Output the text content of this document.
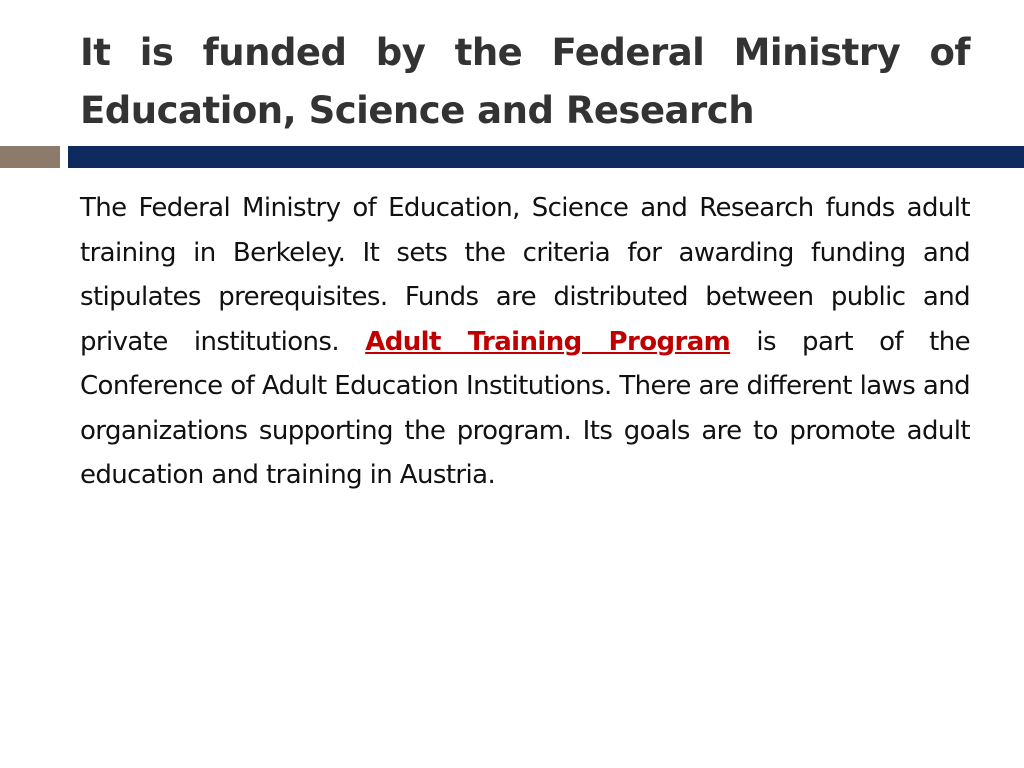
It is funded by the Federal Ministry of Education, Science and Research

The Federal Ministry of Education, Science and Research funds adult training in Berkeley. It sets the criteria for awarding funding and stipulates prerequisites. Funds are distributed between public and private institutions. Adult Training Program is part of the Conference of Adult Education Institutions. There are different laws and organizations supporting the program. Its goals are to promote adult education and training in Austria.
